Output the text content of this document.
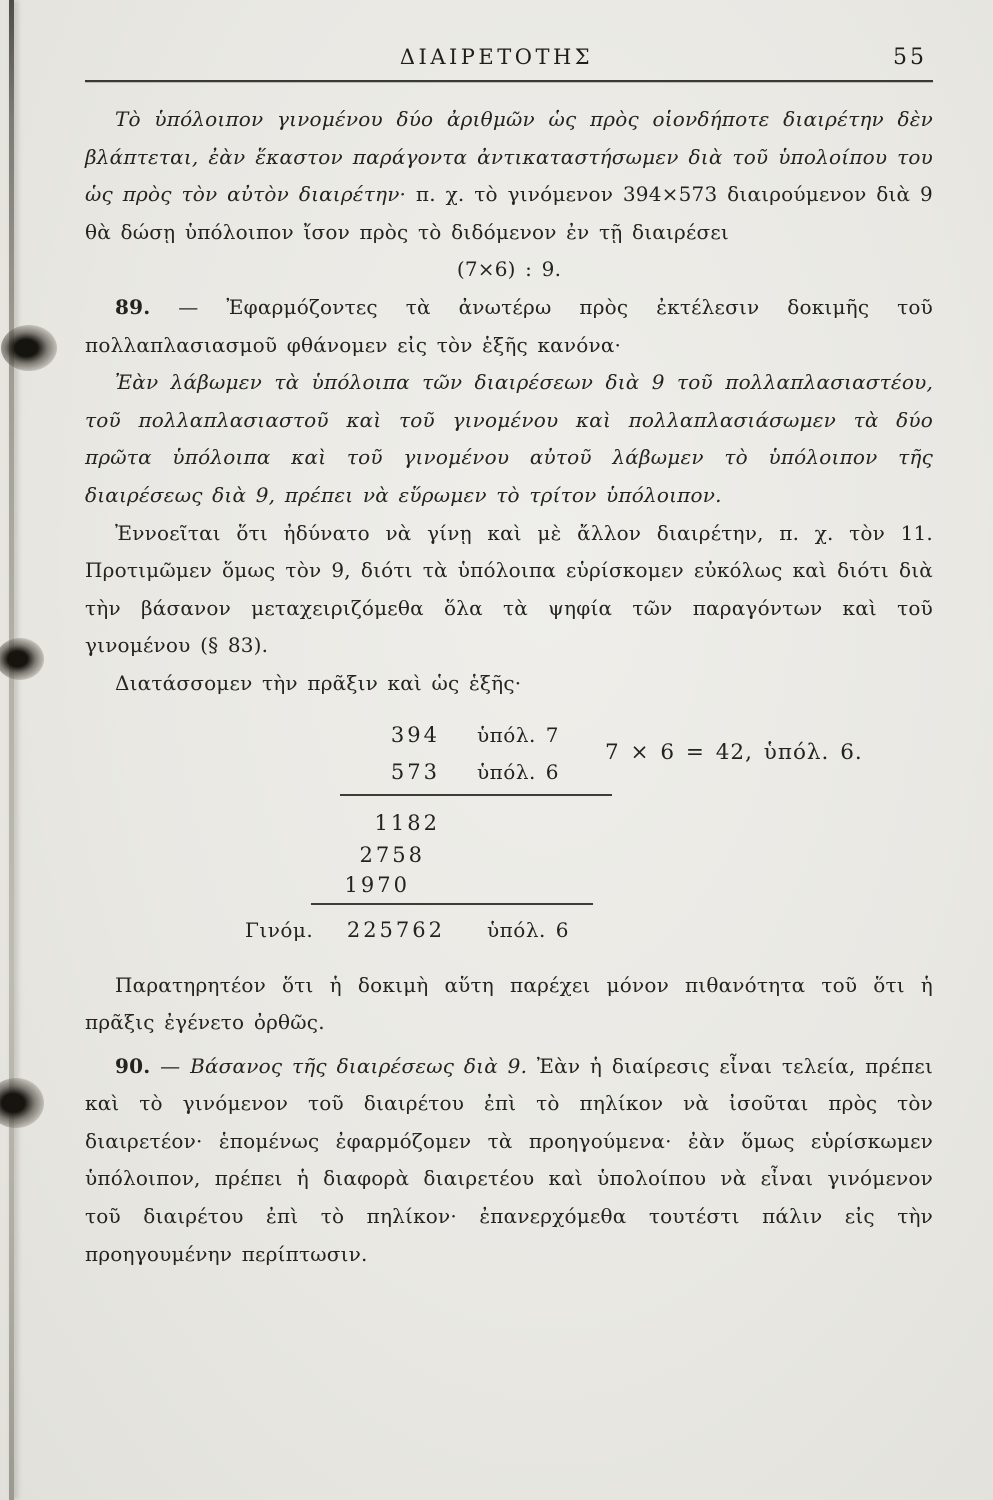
ΔΙΑΙΡΕΤΟΤΗΣ	55

Τὸ ὑπόλοιπον γινομένου δύο ἀριθμῶν ὡς πρὸς οἱονδήποτε διαιρέτην δὲν βλάπτεται, ἐὰν ἕκαστον παράγοντα ἀντικαταστήσωμεν διὰ τοῦ ὑπολοίπου του ὡς πρὸς τὸν αὐτὸν διαιρέτην· π. χ. τὸ γινόμενον 394×573 διαιρούμενον διὰ 9 θὰ δώσῃ ὑπόλοιπον ἴσον πρὸς τὸ διδόμενον ἐν τῇ διαιρέσει

(7×6) : 9.

89. — Ἐφαρμόζοντες τὰ ἀνωτέρω πρὸς ἐκτέλεσιν δοκιμῆς τοῦ πολλαπλασιασμοῦ φθάνομεν εἰς τὸν ἑξῆς κανόνα·

Ἐὰν λάβωμεν τὰ ὑπόλοιπα τῶν διαιρέσεων διὰ 9 τοῦ πολλαπλασιαστέου, τοῦ πολλαπλασιαστοῦ καὶ τοῦ γινομένου καὶ πολλαπλασιάσωμεν τὰ δύο πρῶτα ὑπόλοιπα καὶ τοῦ γινομένου αὐτοῦ λάβωμεν τὸ ὑπόλοιπον τῆς διαιρέσεως διὰ 9, πρέπει νὰ εὕρωμεν τὸ τρίτον ὑπόλοιπον.

Ἐννοεῖται ὅτι ἠδύνατο νὰ γίνῃ καὶ μὲ ἄλλον διαιρέτην, π. χ. τὸν 11. Προτιμῶμεν ὅμως τὸν 9, διότι τὰ ὑπόλοιπα εὑρίσκομεν εὐκόλως καὶ διότι διὰ τὴν βάσανον μεταχειριζόμεθα ὅλα τὰ ψηφία τῶν παραγόντων καὶ τοῦ γινομένου (§ 83).

Διατάσσομεν τὴν πρᾶξιν καὶ ὡς ἑξῆς·

394 ὑπόλ. 7
573 ὑπόλ. 6
7 × 6 = 42, ὑπόλ. 6.
1182
2758
1970
Γινόμ.	225762 ὑπόλ. 6

Παρατηρητέον ὅτι ἡ δοκιμὴ αὕτη παρέχει μόνον πιθανότητα τοῦ ὅτι ἡ πρᾶξις ἐγένετο ὀρθῶς.

90. — Βάσανος τῆς διαιρέσεως διὰ 9. Ἐὰν ἡ διαίρεσις εἶναι τελεία, πρέπει καὶ τὸ γινόμενον τοῦ διαιρέτου ἐπὶ τὸ πηλίκον νὰ ἰσοῦται πρὸς τὸν διαιρετέον· ἑπομένως ἐφαρμόζομεν τὰ προηγούμενα· ἐὰν ὅμως εὑρίσκωμεν ὑπόλοιπον, πρέπει ἡ διαφορὰ διαιρετέου καὶ ὑπολοίπου νὰ εἶναι γινόμενον τοῦ διαιρέτου ἐπὶ τὸ πηλίκον· ἐπανερχόμεθα τουτέστι πάλιν εἰς τὴν προηγουμένην περίπτωσιν.
